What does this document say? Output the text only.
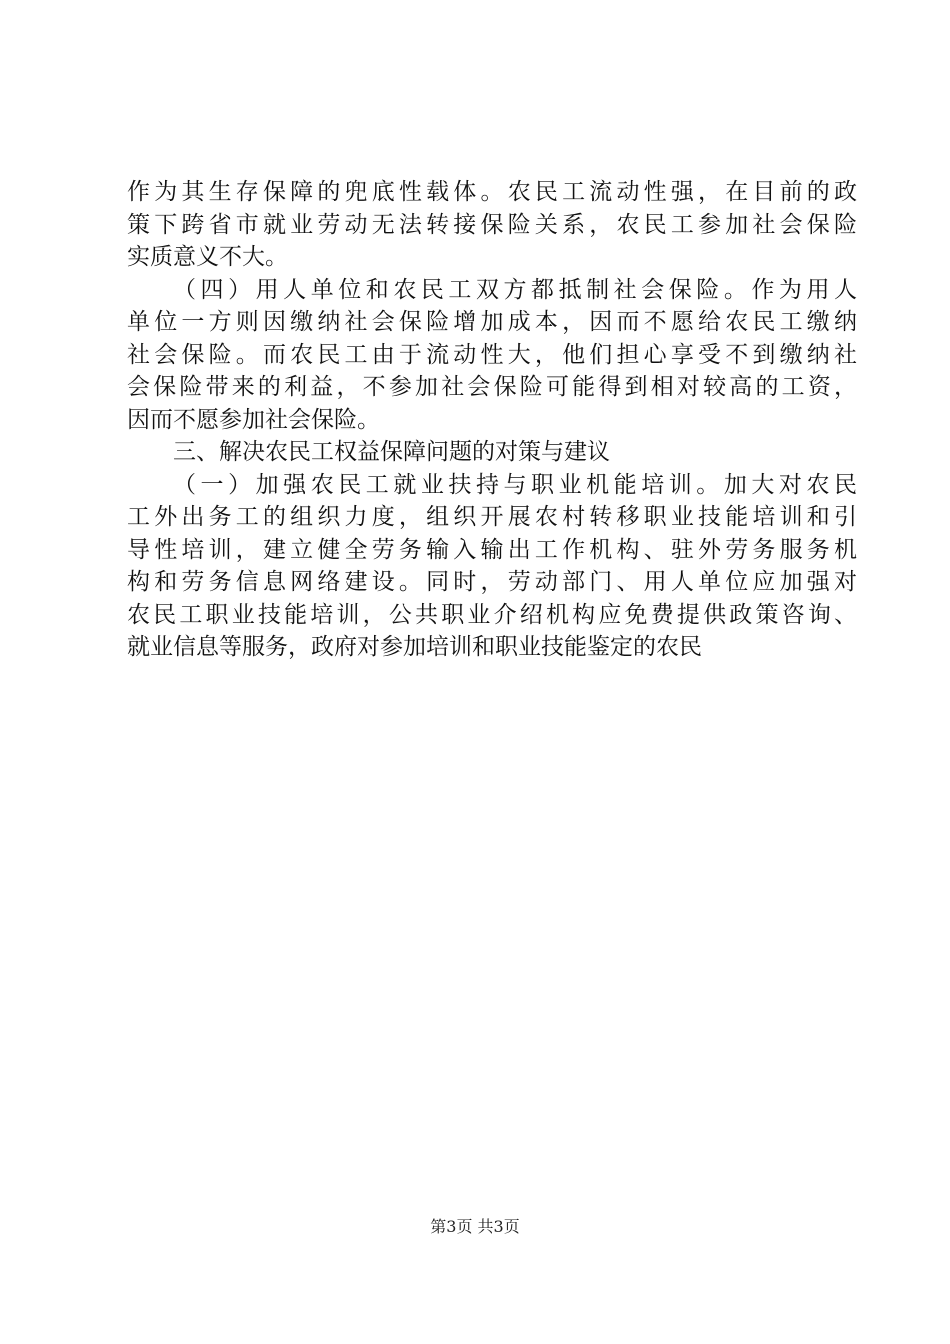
作为其生存保障的兜底性载体。农民工流动性强，在目前的政
策下跨省市就业劳动无法转接保险关系，农民工参加社会保险
实质意义不大。
（四）用人单位和农民工双方都抵制社会保险。作为用人
单位一方则因缴纳社会保险增加成本，因而不愿给农民工缴纳
社会保险。而农民工由于流动性大，他们担心享受不到缴纳社
会保险带来的利益，不参加社会保险可能得到相对较高的工资，
因而不愿参加社会保险。
三、解决农民工权益保障问题的对策与建议
（一）加强农民工就业扶持与职业机能培训。加大对农民
工外出务工的组织力度，组织开展农村转移职业技能培训和引
导性培训，建立健全劳务输入输出工作机构、驻外劳务服务机
构和劳务信息网络建设。同时，劳动部门、用人单位应加强对
农民工职业技能培训，公共职业介绍机构应免费提供政策咨询、
就业信息等服务，政府对参加培训和职业技能鉴定的农民
第3页 共3页
